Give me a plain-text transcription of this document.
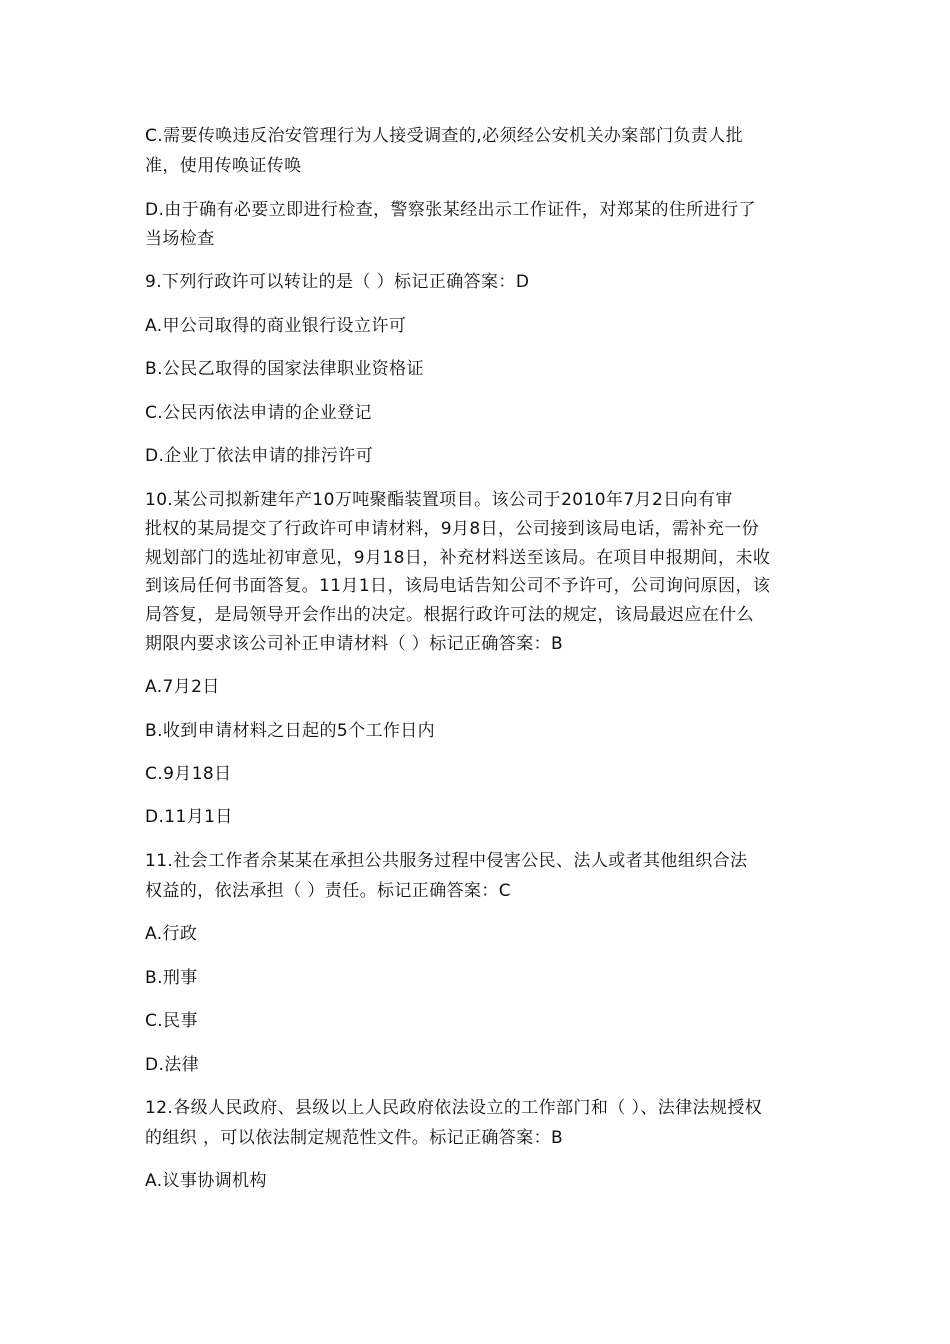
C.需要传唤违反治安管理行为人接受调查的,必须经公安机关办案部门负责人批
准，使用传唤证传唤
D.由于确有必要立即进行检查，警察张某经出示工作证件，对郑某的住所进行了
当场检查
9.下列行政许可以转让的是（ ）标记正确答案：D
A.甲公司取得的商业银行设立许可
B.公民乙取得的国家法律职业资格证
C.公民丙依法申请的企业登记
D.企业丁依法申请的排污许可
10.某公司拟新建年产10万吨聚酯装置项目。该公司于2010年7月2日向有审
批权的某局提交了行政许可申请材料，9月8日，公司接到该局电话，需补充一份
规划部门的选址初审意见，9月18日，补充材料送至该局。在项目申报期间，未收
到该局任何书面答复。11月1日，该局电话告知公司不予许可，公司询问原因，该
局答复，是局领导开会作出的决定。根据行政许可法的规定，该局最迟应在什么
期限内要求该公司补正申请材料（ ）标记正确答案：B
A.7月2日
B.收到申请材料之日起的5个工作日内
C.9月18日
D.11月1日
11.社会工作者佘某某在承担公共服务过程中侵害公民、法人或者其他组织合法
权益的，依法承担（ ）责任。标记正确答案：C
A.行政
B.刑事
C.民事
D.法律
12.各级人民政府、县级以上人民政府依法设立的工作部门和（ ）、法律法规授权
的组织 ，可以依法制定规范性文件。标记正确答案：B
A.议事协调机构
